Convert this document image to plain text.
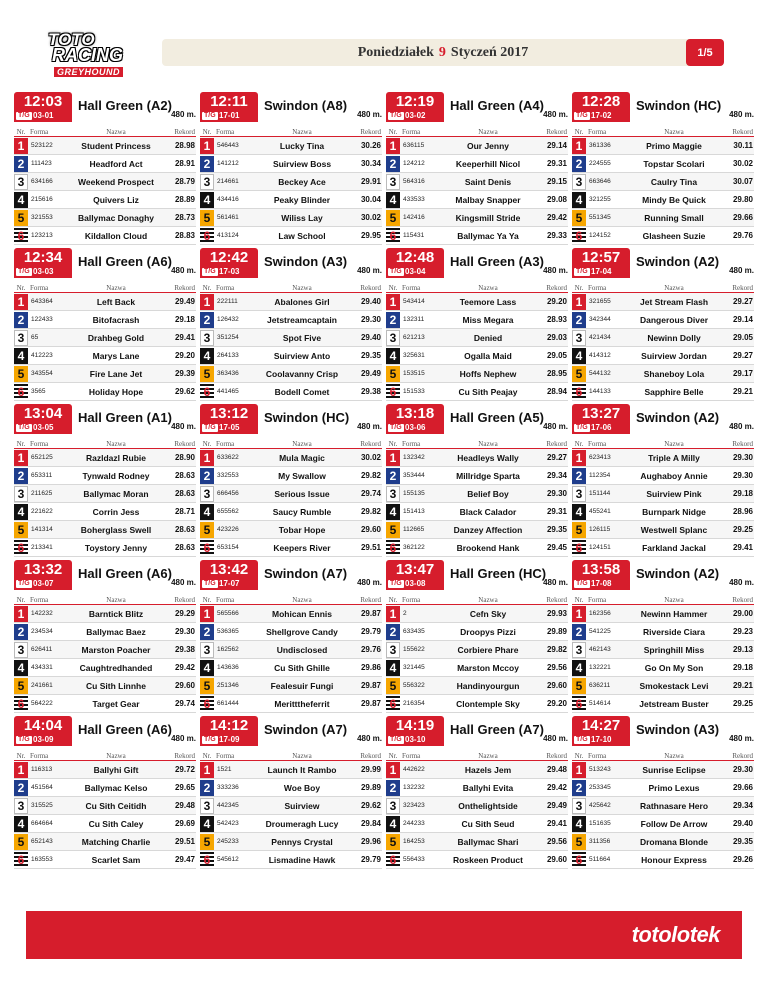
TOTO
RACING
GREYHOUND
Poniedziałek 9 Styczeń 2017	1/5
12:03
T/G 03-01
Hall Green (A2)
480 m.
Nr. Forma	Nazwa	Rekord
1	523122	Student Princess	28.98
2	111423	Headford Act	28.91
3	634166	Weekend Prospect	28.79
4	215616	Quivers Liz	28.89
5	321553	Ballymac Donaghy	28.73
6	123213	Kildallon Cloud	28.83
12:11
T/G 17-01
Swindon (A8)
480 m.
Nr. Forma	Nazwa	Rekord
1	546443	Lucky Tina	30.26
2	141212	Suirview Boss	30.34
3	214661	Beckey Ace	29.91
4	434416	Peaky Blinder	30.04
5	561461	Wiliss Lay	30.02
6	413124	Law School	29.95
12:19
T/G 03-02
Hall Green (A4)
480 m.
Nr. Forma	Nazwa	Rekord
1	636115	Our Jenny	29.14
2	124212	Keeperhill Nicol	29.31
3	564316	Saint Denis	29.15
4	433533	Malbay Snapper	29.08
5	142416	Kingsmill Stride	29.42
6	115431	Ballymac Ya Ya	29.33
12:28
T/G 17-02
Swindon (HC)
480 m.
Nr. Forma	Nazwa	Rekord
1	361336	Primo Maggie	30.11
2	224555	Topstar Scolari	30.02
3	663646	Caulry Tina	30.07
4	321255	Mindy Be Quick	29.80
5	551345	Running Small	29.66
6	124152	Glasheen Suzie	29.76
12:34
T/G 03-03
Hall Green (A6)
480 m.
Nr. Forma	Nazwa	Rekord
1	643364	Left Back	29.49
2	122433	Bitofacrash	29.18
3	65	Drahbeg Gold	29.41
4	412223	Marys Lane	29.20
5	343554	Fire Lane Jet	29.39
6	3565	Holiday Hope	29.62
12:42
T/G 17-03
Swindon (A3)
480 m.
Nr. Forma	Nazwa	Rekord
1	222111	Abalones Girl	29.40
2	126432	Jetstreamcaptain	29.30
3	351254	Spot Five	29.40
4	264133	Suirview Anto	29.35
5	363436	Coolavanny Crisp	29.49
6	441465	Bodell Comet	29.38
12:48
T/G 03-04
Hall Green (A3)
480 m.
Nr. Forma	Nazwa	Rekord
1	543414	Teemore Lass	29.20
2	132311	Miss Megara	28.93
3	621213	Denied	29.03
4	325631	Ogalla Maid	29.05
5	153515	Hoffs Nephew	28.95
6	151533	Cu Sith Peajay	28.94
12:57
T/G 17-04
Swindon (A2)
480 m.
Nr. Forma	Nazwa	Rekord
1	321655	Jet Stream Flash	29.27
2	342344	Dangerous Diver	29.14
3	421434	Newinn Dolly	29.05
4	414312	Suirview Jordan	29.27
5	544132	Shaneboy Lola	29.17
6	144133	Sapphire Belle	29.21
13:04
T/G 03-05
Hall Green (A1)
480 m.
Nr. Forma	Nazwa	Rekord
1	652125	Razldazl Rubie	28.90
2	653311	Tynwald Rodney	28.63
3	211625	Ballymac Moran	28.63
4	221622	Corrin Jess	28.71
5	141314	Boherglass Swell	28.63
6	213341	Toystory Jenny	28.63
13:12
T/G 17-05
Swindon (HC)
480 m.
Nr. Forma	Nazwa	Rekord
1	633622	Mula Magic	30.02
2	332553	My Swallow	29.82
3	666456	Serious Issue	29.74
4	655562	Saucy Rumble	29.82
5	423226	Tobar Hope	29.60
6	653154	Keepers River	29.51
13:18
T/G 03-06
Hall Green (A5)
480 m.
Nr. Forma	Nazwa	Rekord
1	132342	Headleys Wally	29.27
2	353444	Millridge Sparta	29.34
3	155135	Belief Boy	29.30
4	151413	Black Calador	29.31
5	112665	Danzey Affection	29.35
6	362122	Brookend Hank	29.45
13:27
T/G 17-06
Swindon (A2)
480 m.
Nr. Forma	Nazwa	Rekord
1	623413	Triple A Milly	29.30
2	112354	Aughaboy Annie	29.30
3	151144	Suirview Pink	29.18
4	455241	Burnpark Nidge	28.96
5	126115	Westwell Splanc	29.25
6	124151	Farkland Jackal	29.41
13:32
T/G 03-07
Hall Green (A6)
480 m.
Nr. Forma	Nazwa	Rekord
1	142232	Barntick Blitz	29.29
2	234534	Ballymac Baez	29.30
3	626411	Marston Poacher	29.38
4	434331	Caughtredhanded	29.42
5	241661	Cu Sith Linnhe	29.60
6	564222	Target Gear	29.74
13:42
T/G 17-07
Swindon (A7)
480 m.
Nr. Forma	Nazwa	Rekord
1	565566	Mohican Ennis	29.87
2	536365	Shellgrove Candy	29.79
3	162562	Undisclosed	29.76
4	143636	Cu Sith Ghille	29.86
5	251346	Fealesuir Fungi	29.87
6	661444	Meritttheferrit	29.87
13:47
T/G 03-08
Hall Green (HC)
480 m.
Nr. Forma	Nazwa	Rekord
1	2	Cefn Sky	29.93
2	633435	Droopys Pizzi	29.89
3	155622	Corbiere Phare	29.82
4	321445	Marston Mccoy	29.56
5	556322	Handinyourgun	29.60
6	216354	Clontemple Sky	29.20
13:58
T/G 17-08
Swindon (A2)
480 m.
Nr. Forma	Nazwa	Rekord
1	162356	Newinn Hammer	29.00
2	541225	Riverside Ciara	29.23
3	462143	Springhill Miss	29.13
4	132221	Go On My Son	29.18
5	636211	Smokestack Levi	29.21
6	514614	Jetstream Buster	29.25
14:04
T/G 03-09
Hall Green (A6)
480 m.
Nr. Forma	Nazwa	Rekord
1	116313	Ballyhi Gift	29.72
2	451564	Ballymac Kelso	29.65
3	315525	Cu Sith Ceitidh	29.48
4	664664	Cu Sith Caley	29.69
5	652143	Matching Charlie	29.51
6	163553	Scarlet Sam	29.47
14:12
T/G 17-09
Swindon (A7)
480 m.
Nr. Forma	Nazwa	Rekord
1	1521	Launch It Rambo	29.99
2	333236	Woe Boy	29.89
3	442345	Suirview	29.62
4	542423	Droumeragh Lucy	29.84
5	245233	Pennys Crystal	29.96
6	545612	Lismadine Hawk	29.79
14:19
T/G 03-10
Hall Green (A7)
480 m.
Nr. Forma	Nazwa	Rekord
1	442622	Hazels Jem	29.48
2	132232	Ballyhi Evita	29.42
3	323423	Onthelightside	29.49
4	244233	Cu Sith Seud	29.41
5	164253	Ballymac Shari	29.56
6	556433	Roskeen Product	29.60
14:27
T/G 17-10
Swindon (A3)
480 m.
Nr. Forma	Nazwa	Rekord
1	513243	Sunrise Eclipse	29.30
2	253345	Primo Lexus	29.66
3	425642	Rathnasare Hero	29.34
4	151635	Follow De Arrow	29.40
5	311356	Dromana Blonde	29.35
6	511664	Honour Express	29.26
totolotek
